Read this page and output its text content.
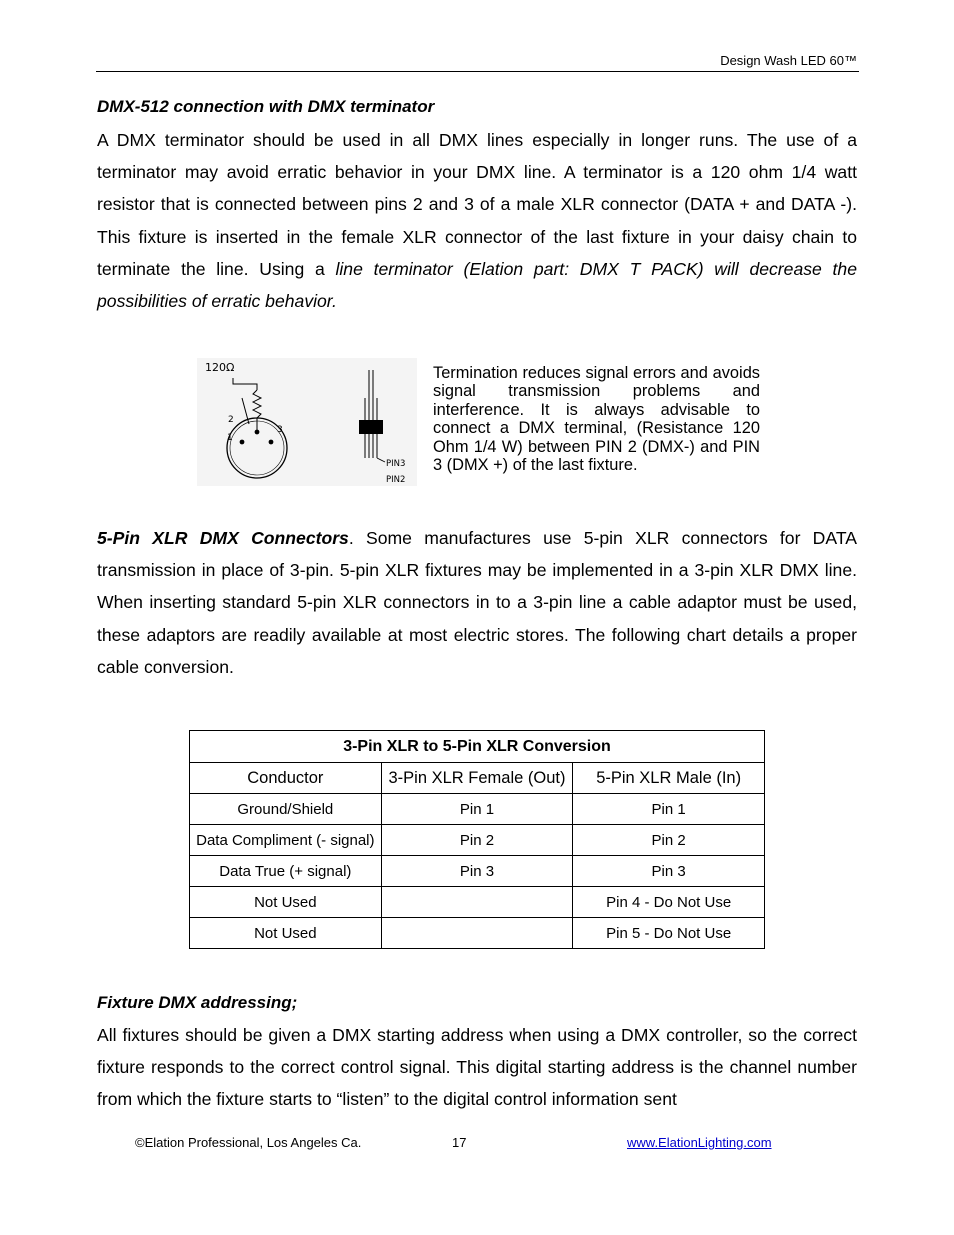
Design Wash LED 60™
DMX-512 connection with DMX terminator

A DMX terminator should be used in all DMX lines especially in longer runs. The use of a terminator may avoid erratic behavior in your DMX line. A terminator is a 120 ohm 1/4 watt resistor that is connected between pins 2 and 3 of a male XLR connector (DATA + and DATA -). This fixture is inserted in the female XLR connector of the last fixture in your daisy chain to terminate the line. Using a line terminator (Elation part: DMX T PACK) will decrease the possibilities of erratic behavior.

120Ω
1
2
3
PIN3
PIN2
Termination reduces signal errors and avoids signal transmission problems and interference. It is always advisable to connect a DMX terminal, (Resistance 120 Ohm 1/4 W) between PIN 2 (DMX-) and PIN 3 (DMX +) of the last fixture.

5-Pin XLR DMX Connectors. Some manufactures use 5-pin XLR connectors for DATA transmission in place of 3-pin. 5-pin XLR fixtures may be implemented in a 3-pin XLR DMX line. When inserting standard 5-pin XLR connectors in to a 3-pin line a cable adaptor must be used, these adaptors are readily available at most electric stores. The following chart details a proper cable conversion.

3-Pin XLR to 5-Pin XLR Conversion		
Conductor	3-Pin XLR Female (Out)	5-Pin XLR Male (In)
Ground/Shield	Pin 1	Pin 1
Data Compliment (- signal)	Pin 2	Pin 2
Data True (+ signal)	Pin 3	Pin 3
Not Used		Pin 4 - Do Not Use
Not Used		Pin 5 - Do Not Use
Fixture DMX addressing;

All fixtures should be given a DMX starting address when using a DMX controller, so the correct fixture responds to the correct control signal. This digital starting address is the channel number from which the fixture starts to “listen” to the digital control information sent

©Elation Professional, Los Angeles Ca.	17	www.ElationLighting.com
